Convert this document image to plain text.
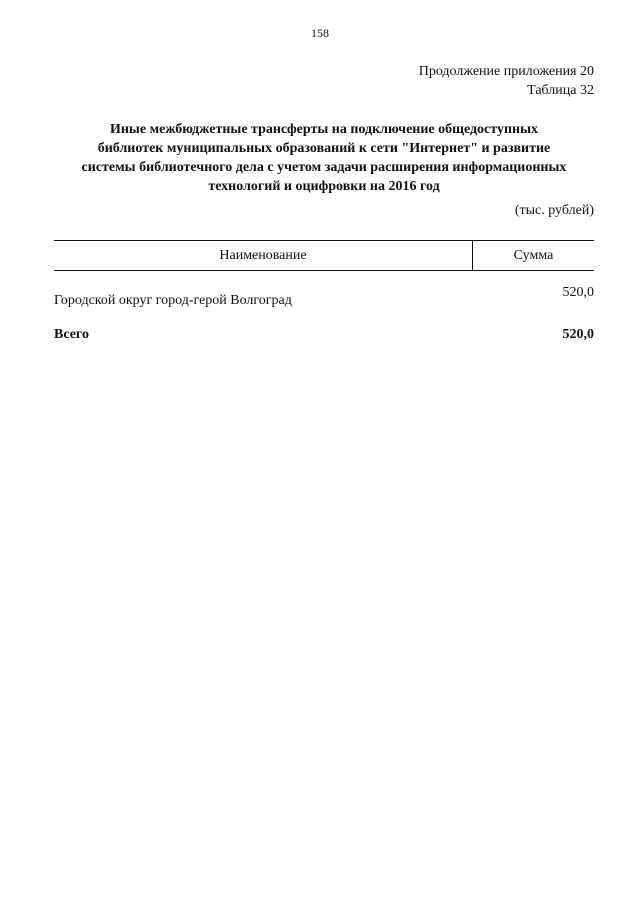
158
Продолжение приложения 20
Таблица 32
Иные межбюджетные трансферты на подключение общедоступных
библиотек муниципальных образований к сети "Интернет" и развитие
системы библиотечного дела с учетом задачи расширения информационных
технологий и оцифровки на 2016 год
(тыс. рублей)
Наименование	Сумма
Городской округ город-герой Волгоград
520,0
Всего	520,0
